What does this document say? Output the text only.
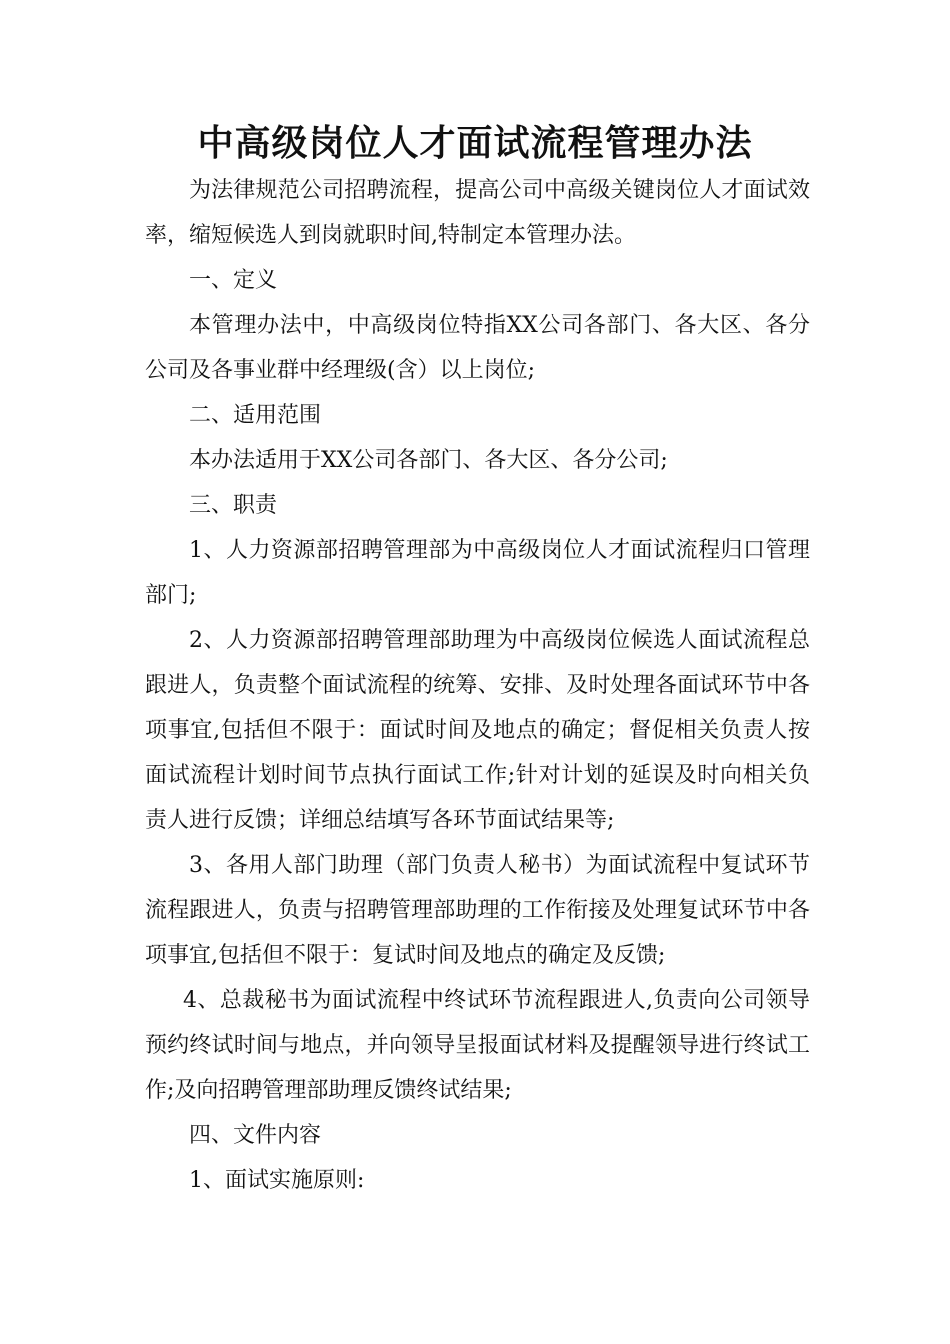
中高级岗位人才面试流程管理办法

为法律规范公司招聘流程，提高公司中高级关键岗位人才面试效率，缩短候选人到岗就职时间,特制定本管理办法。

一、定义

本管理办法中，中高级岗位特指XX公司各部门、各大区、各分公司及各事业群中经理级(含）以上岗位;

二、适用范围

本办法适用于XX公司各部门、各大区、各分公司;

三、职责

1、人力资源部招聘管理部为中高级岗位人才面试流程归口管理部门;

2、人力资源部招聘管理部助理为中高级岗位候选人面试流程总跟进人，负责整个面试流程的统筹、安排、及时处理各面试环节中各项事宜,包括但不限于：面试时间及地点的确定；督促相关负责人按面试流程计划时间节点执行面试工作;针对计划的延误及时向相关负责人进行反馈；详细总结填写各环节面试结果等;

3、各用人部门助理（部门负责人秘书）为面试流程中复试环节流程跟进人，负责与招聘管理部助理的工作衔接及处理复试环节中各项事宜,包括但不限于：复试时间及地点的确定及反馈;

4、总裁秘书为面试流程中终试环节流程跟进人,负责向公司领导预约终试时间与地点，并向领导呈报面试材料及提醒领导进行终试工作;及向招聘管理部助理反馈终试结果;

四、文件内容

1、面试实施原则:
